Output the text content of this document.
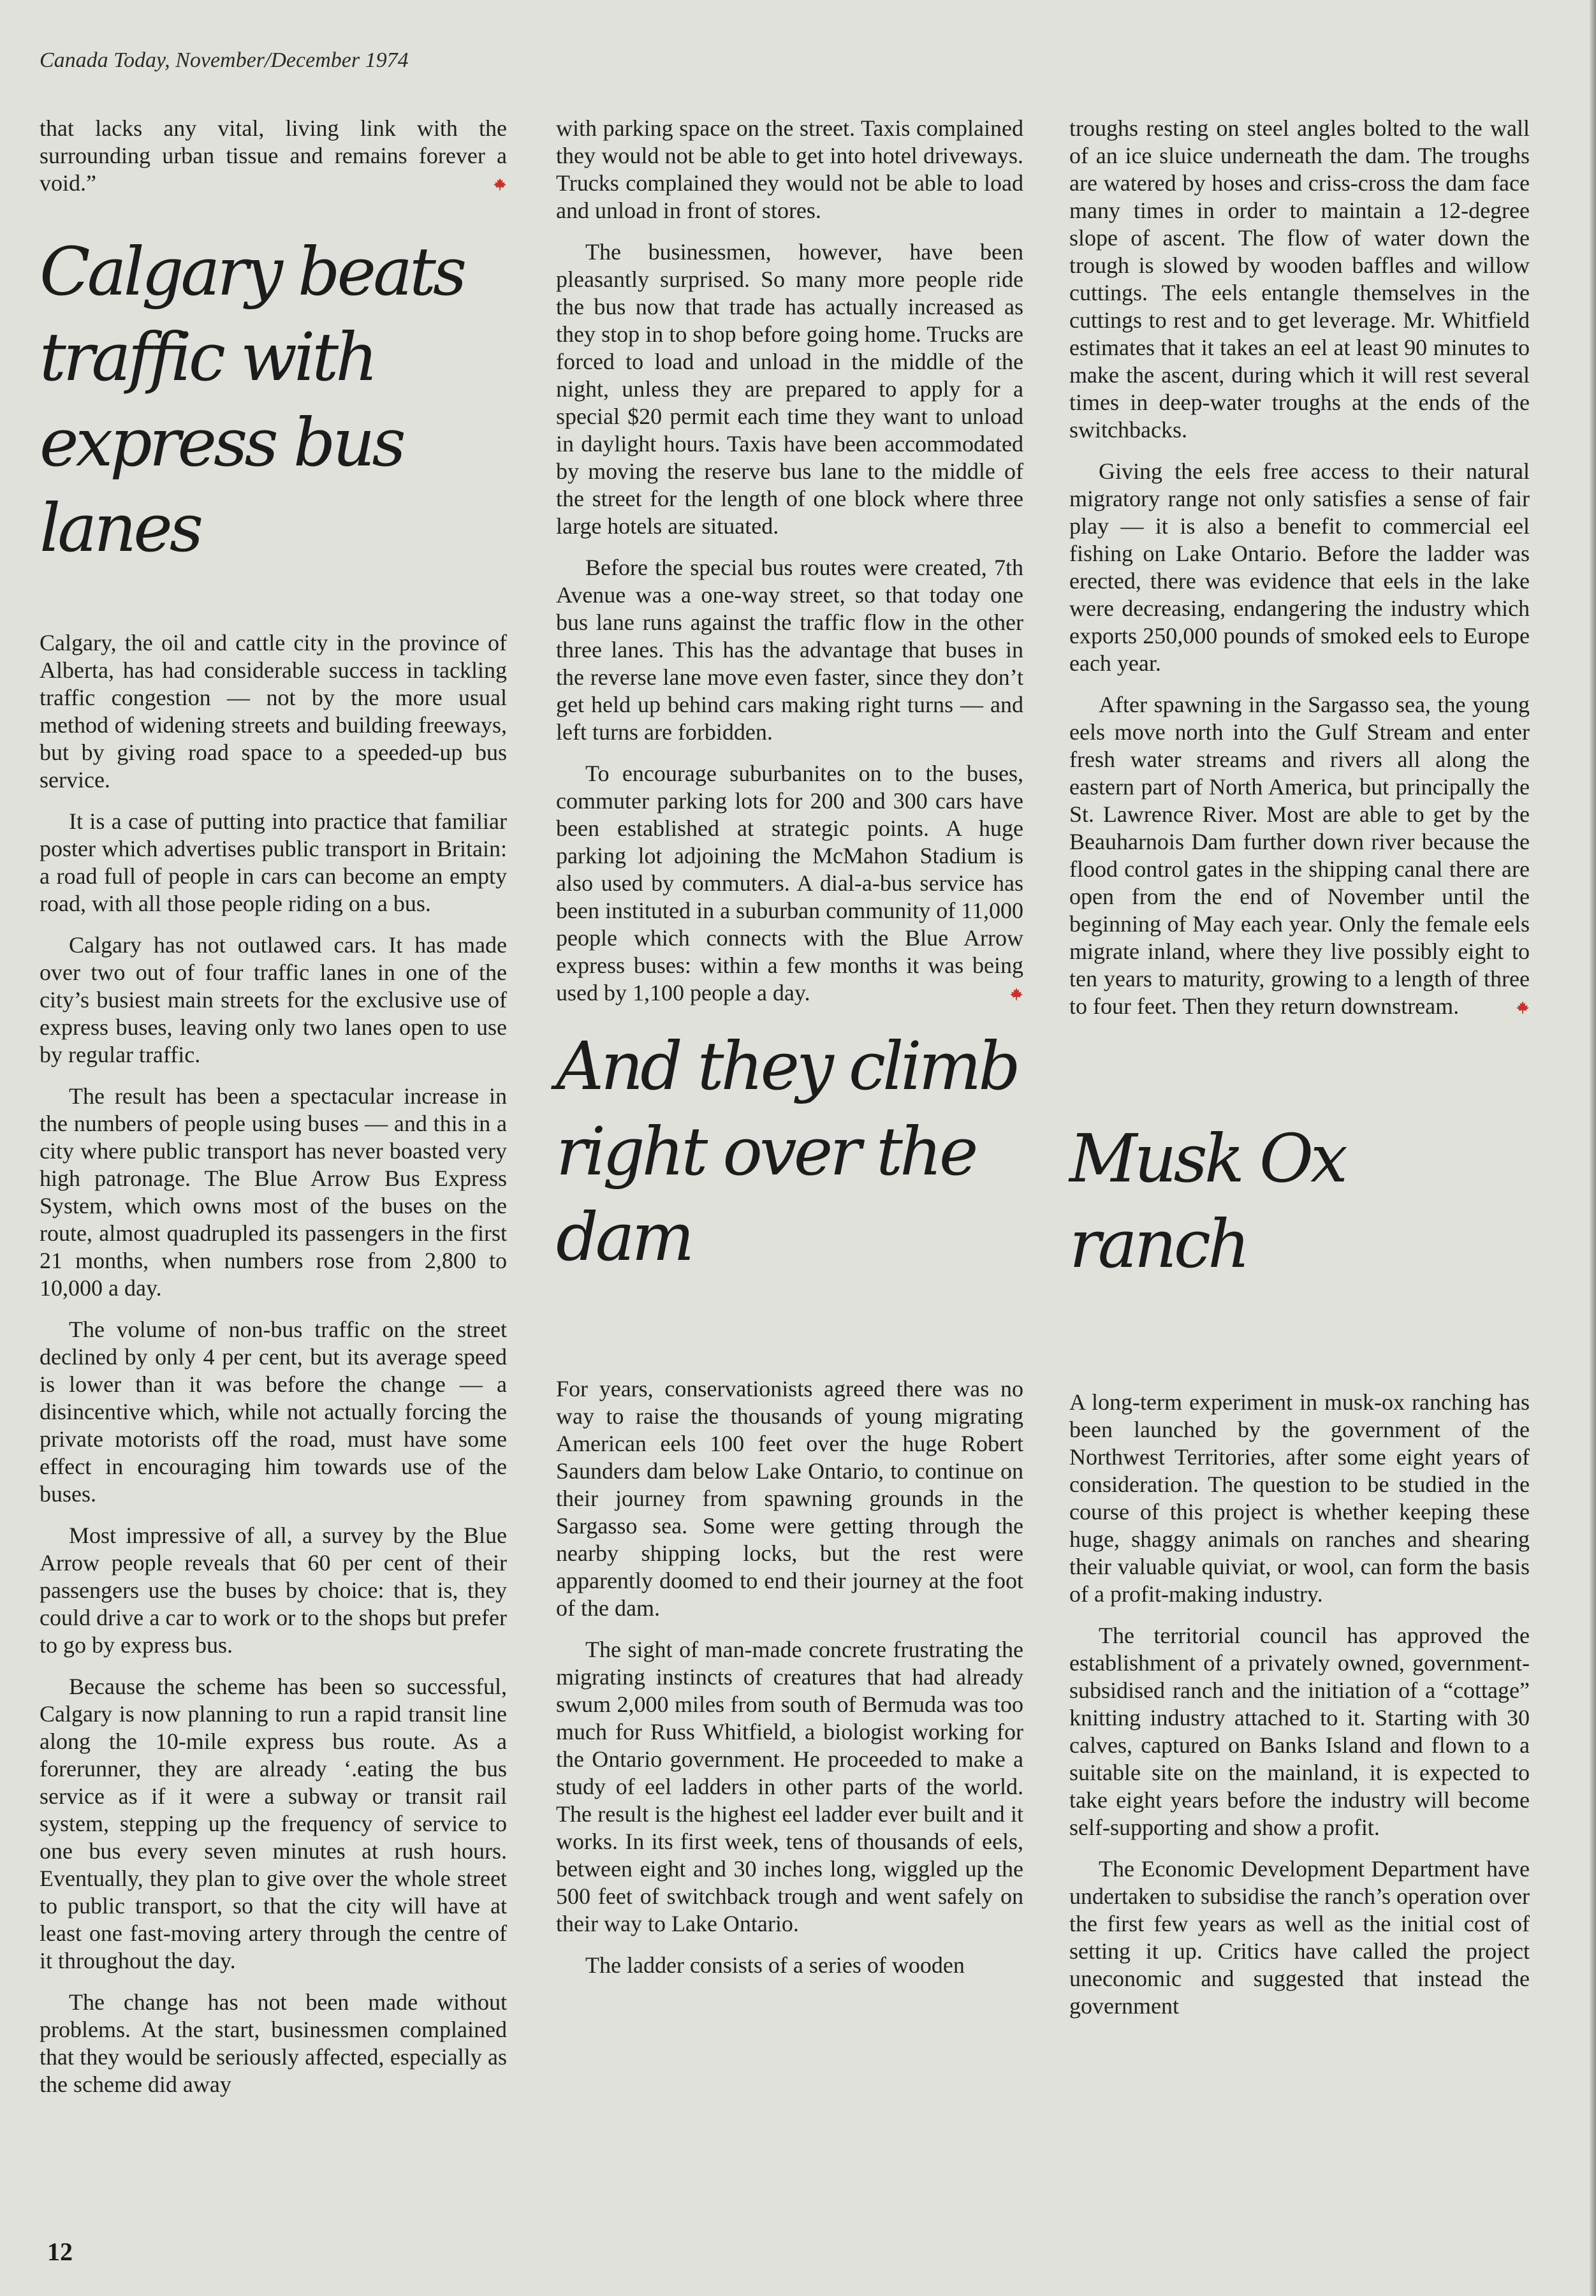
Canada Today, November/December 1974

that lacks any vital, living link with the surrounding urban tissue and remains forever a void.”

Calgary beats traffic with express bus lanes

Calgary, the oil and cattle city in the province of Alberta, has had considerable success in tackling traffic congestion — not by the more usual method of widening streets and building freeways, but by giving road space to a speeded-up bus service.

It is a case of putting into practice that familiar poster which advertises public transport in Britain: a road full of people in cars can become an empty road, with all those people riding on a bus.

Calgary has not outlawed cars. It has made over two out of four traffic lanes in one of the city’s busiest main streets for the exclusive use of express buses, leaving only two lanes open to use by regular traffic.

The result has been a spectacular increase in the numbers of people using buses — and this in a city where public transport has never boasted very high patronage. The Blue Arrow Bus Express System, which owns most of the buses on the route, almost quadrupled its passengers in the first 21 months, when numbers rose from 2,800 to 10,000 a day.

The volume of non-bus traffic on the street declined by only 4 per cent, but its average speed is lower than it was before the change — a disincentive which, while not actually forcing the private motorists off the road, must have some effect in encouraging him towards use of the buses.

Most impressive of all, a survey by the Blue Arrow people reveals that 60 per cent of their passengers use the buses by choice: that is, they could drive a car to work or to the shops but prefer to go by express bus.

Because the scheme has been so successful, Calgary is now planning to run a rapid transit line along the 10-mile express bus route. As a forerunner, they are already ‘.eating the bus service as if it were a subway or transit rail system, stepping up the frequency of service to one bus every seven minutes at rush hours. Eventually, they plan to give over the whole street to public transport, so that the city will have at least one fast-moving artery through the centre of it throughout the day.

The change has not been made without problems. At the start, businessmen complained that they would be seriously affected, especially as the scheme did away

with parking space on the street. Taxis complained they would not be able to get into hotel driveways. Trucks complained they would not be able to load and unload in front of stores.

The businessmen, however, have been pleasantly surprised. So many more people ride the bus now that trade has actually increased as they stop in to shop before going home. Trucks are forced to load and unload in the middle of the night, unless they are prepared to apply for a special $20 permit each time they want to unload in daylight hours. Taxis have been accommodated by moving the reserve bus lane to the middle of the street for the length of one block where three large hotels are situated.

Before the special bus routes were created, 7th Avenue was a one-way street, so that today one bus lane runs against the traffic flow in the other three lanes. This has the advantage that buses in the reverse lane move even faster, since they don’t get held up behind cars making right turns — and left turns are forbidden.

To encourage suburbanites on to the buses, commuter parking lots for 200 and 300 cars have been established at strategic points. A huge parking lot adjoining the McMahon Stadium is also used by commuters. A dial-a-bus service has been instituted in a suburban community of 11,000 people which connects with the Blue Arrow express buses: within a few months it was being used by 1,100 people a day.

And they climb right over the dam

For years, conservationists agreed there was no way to raise the thousands of young migrating American eels 100 feet over the huge Robert Saunders dam below Lake Ontario, to continue on their journey from spawning grounds in the Sargasso sea. Some were getting through the nearby shipping locks, but the rest were apparently doomed to end their journey at the foot of the dam.

The sight of man-made concrete frustrating the migrating instincts of creatures that had already swum 2,000 miles from south of Bermuda was too much for Russ Whitfield, a biologist working for the Ontario government. He proceeded to make a study of eel ladders in other parts of the world. The result is the highest eel ladder ever built and it works. In its first week, tens of thousands of eels, between eight and 30 inches long, wiggled up the 500 feet of switchback trough and went safely on their way to Lake Ontario.

The ladder consists of a series of wooden

troughs resting on steel angles bolted to the wall of an ice sluice underneath the dam. The troughs are watered by hoses and criss-cross the dam face many times in order to maintain a 12-degree slope of ascent. The flow of water down the trough is slowed by wooden baffles and willow cuttings. The eels entangle themselves in the cuttings to rest and to get leverage. Mr. Whitfield estimates that it takes an eel at least 90 minutes to make the ascent, during which it will rest several times in deep-water troughs at the ends of the switchbacks.

Giving the eels free access to their natural migratory range not only satisfies a sense of fair play — it is also a benefit to commercial eel fishing on Lake Ontario. Before the ladder was erected, there was evidence that eels in the lake were decreasing, endangering the industry which exports 250,000 pounds of smoked eels to Europe each year.

After spawning in the Sargasso sea, the young eels move north into the Gulf Stream and enter fresh water streams and rivers all along the eastern part of North America, but principally the St. Lawrence River. Most are able to get by the Beauharnois Dam further down river because the flood control gates in the shipping canal there are open from the end of November until the beginning of May each year. Only the female eels migrate inland, where they live possibly eight to ten years to maturity, growing to a length of three to four feet. Then they return downstream.

Musk Ox ranch

A long-term experiment in musk-ox ranching has been launched by the government of the Northwest Territories, after some eight years of consideration. The question to be studied in the course of this project is whether keeping these huge, shaggy animals on ranches and shearing their valuable quiviat, or wool, can form the basis of a profit-making industry.

The territorial council has approved the establishment of a privately owned, government-subsidised ranch and the initiation of a “cottage” knitting industry attached to it. Starting with 30 calves, captured on Banks Island and flown to a suitable site on the mainland, it is expected to take eight years before the industry will become self-supporting and show a profit.

The Economic Development Department have undertaken to subsidise the ranch’s operation over the first few years as well as the initial cost of setting it up. Critics have called the project uneconomic and suggested that instead the government

12
